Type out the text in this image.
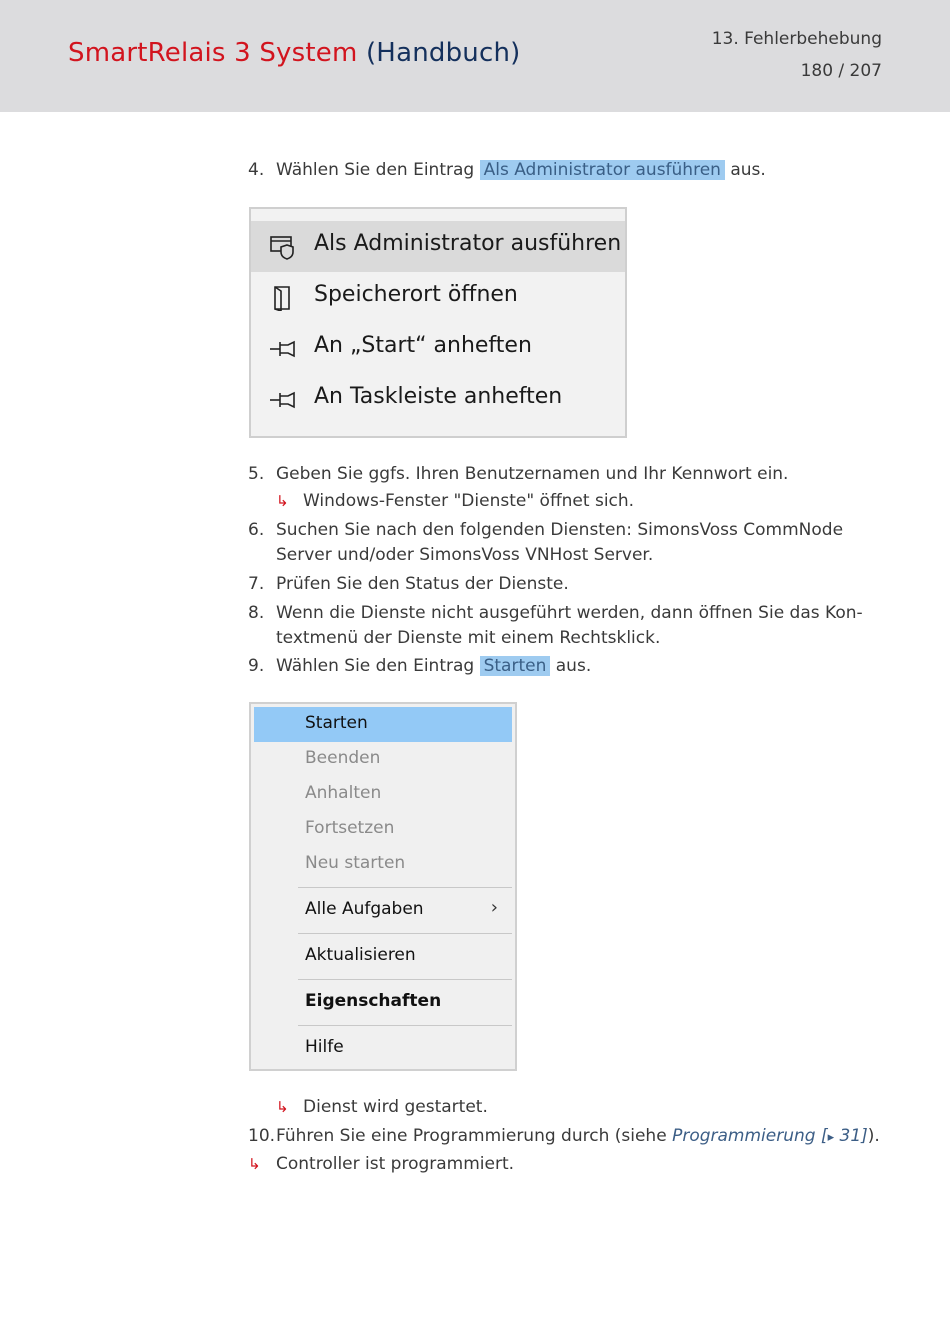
SmartRelais 3 System (Handbuch)	13. Fehlerbehebung
180 / 207
4. Wählen Sie den Eintrag Als Administrator ausführen aus.
Als Administrator ausführen
Speicherort öffnen
An „Start“ anheften
An Taskleiste anheften
5. Geben Sie ggfs. Ihren Benutzernamen und Ihr Kennwort ein.
↳ Windows-Fenster "Dienste" öffnet sich.
6. Suchen Sie nach den folgenden Diensten: SimonsVoss CommNode
Server und/oder SimonsVoss VNHost Server.
7. Prüfen Sie den Status der Dienste.
8. Wenn die Dienste nicht ausgeführt werden, dann öffnen Sie das Kon-
textmenü der Dienste mit einem Rechtsklick.
9. Wählen Sie den Eintrag Starten aus.
Starten
Beenden
Anhalten
Fortsetzen
Neu starten
Alle Aufgaben	›
Aktualisieren
Eigenschaften
Hilfe
↳ Dienst wird gestartet.
10. Führen Sie eine Programmierung durch (siehe Programmierung [▸ 31]).
↳ Controller ist programmiert.
